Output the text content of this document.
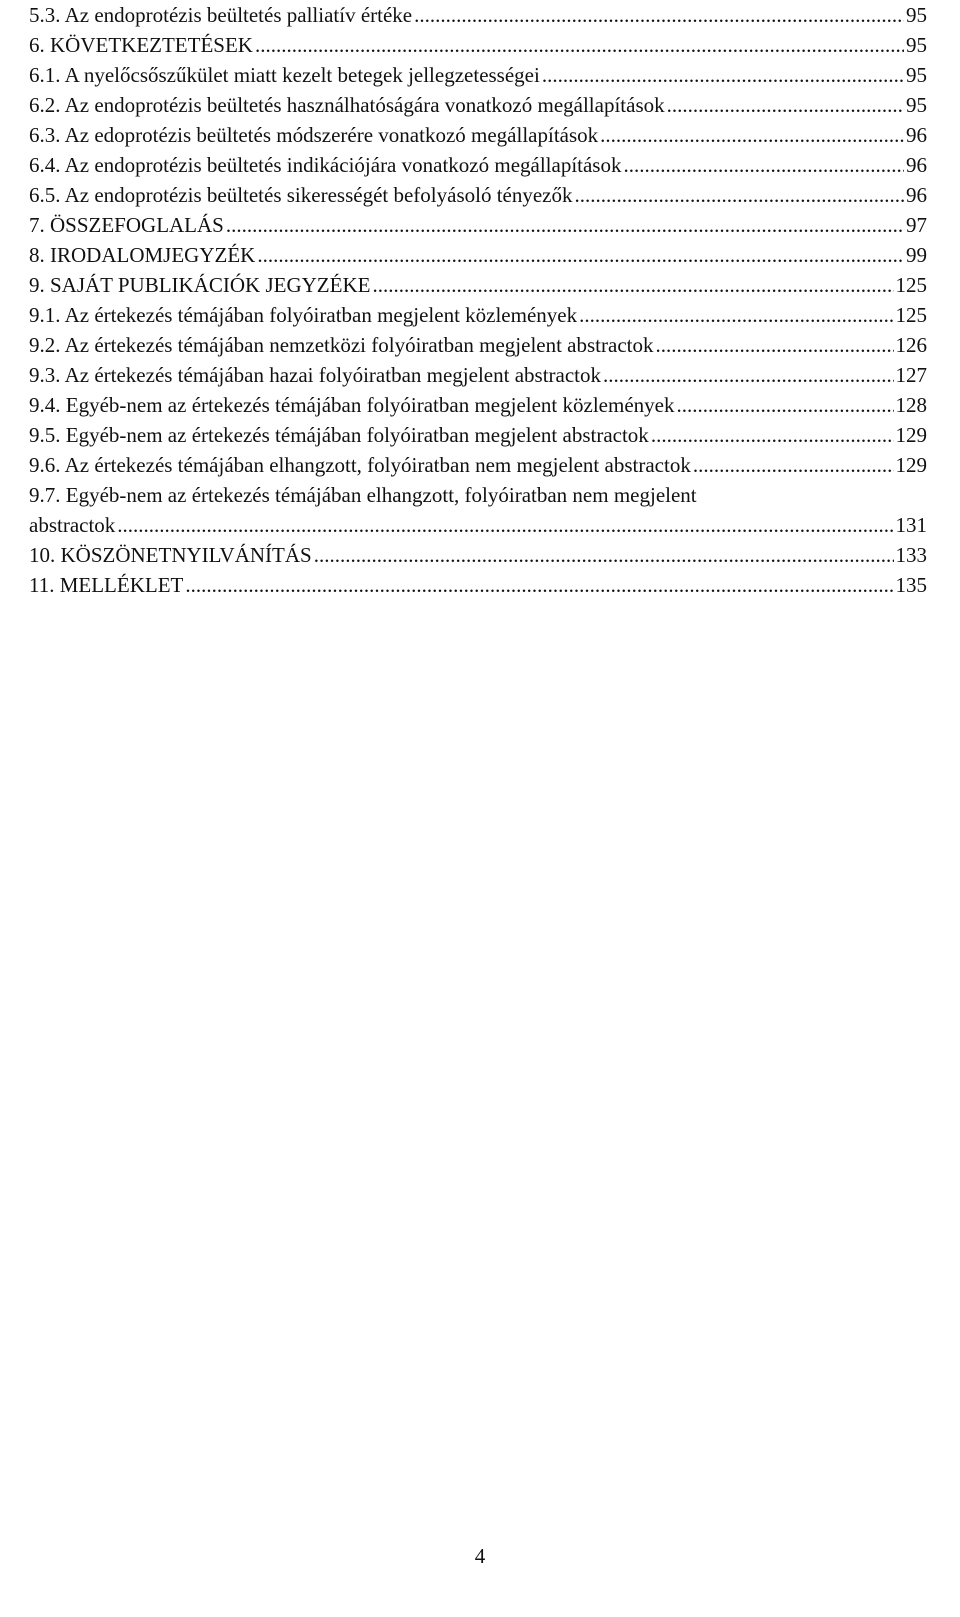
5.3. Az endoprotézis beültetés palliatív értéke .....	95
6. KÖVETKEZTETÉSEK .....	95
6.1. A nyelőcsőszűkület miatt kezelt betegek jellegzetességei .....	95
6.2. Az endoprotézis beültetés használhatóságára vonatkozó megállapítások .....	95
6.3. Az edoprotézis beültetés módszerére vonatkozó megállapítások .....	96
6.4. Az endoprotézis beültetés indikációjára vonatkozó megállapítások .....	96
6.5. Az endoprotézis beültetés sikerességét befolyásoló tényezők .....	96
7. ÖSSZEFOGLALÁS .....	97
8. IRODALOMJEGYZÉK .....	99
9. SAJÁT PUBLIKÁCIÓK JEGYZÉKE .....	125
9.1. Az értekezés témájában folyóiratban megjelent közlemények .....	125
9.2. Az értekezés témájában nemzetközi folyóiratban megjelent abstractok .....	126
9.3. Az értekezés témájában hazai folyóiratban megjelent abstractok .....	127
9.4. Egyéb-nem az értekezés témájában folyóiratban megjelent közlemények .....	128
9.5. Egyéb-nem az értekezés témájában folyóiratban megjelent abstractok .....	129
9.6. Az értekezés témájában elhangzott, folyóiratban nem megjelent abstractok .....	129
9.7. Egyéb-nem az értekezés témájában elhangzott, folyóiratban nem megjelent
abstractok .....	131
10. KÖSZÖNETNYILVÁNÍTÁS .....	133
11. MELLÉKLET .....	135
4
